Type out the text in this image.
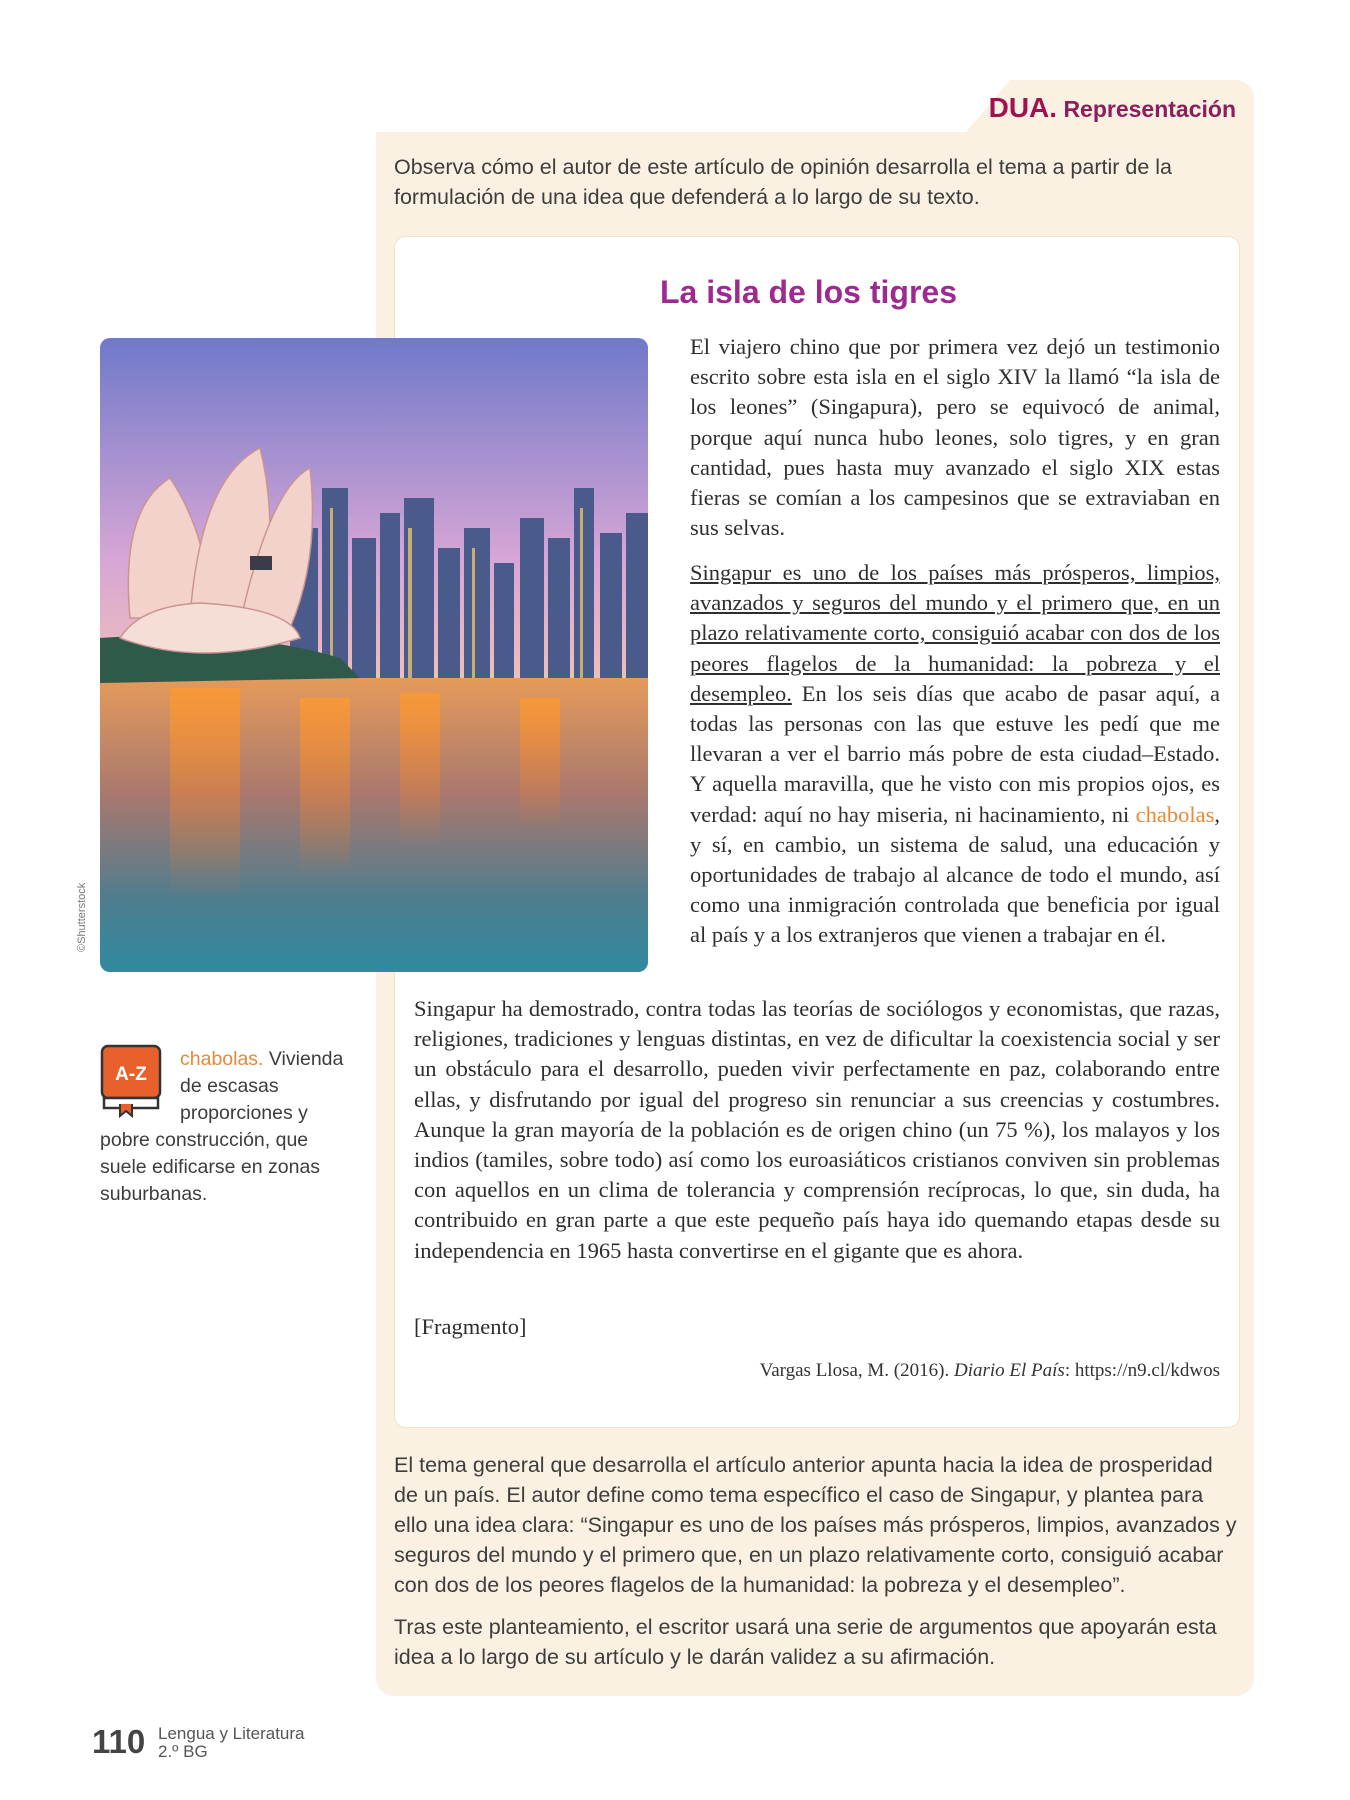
DUA. Representación
Observa cómo el autor de este artículo de opinión desarrolla el tema a partir de la formulación de una idea que defenderá a lo largo de su texto.
La isla de los tigres
©Shutterstock
El viajero chino que por primera vez dejó un testimonio escrito sobre esta isla en el siglo XIV la llamó “la isla de los leones” (Singapura), pero se equivocó de animal, porque aquí nunca hubo leones, solo tigres, y en gran cantidad, pues hasta muy avanzado el siglo XIX estas fieras se comían a los campesinos que se extraviaban en sus selvas.
Singapur es uno de los países más prósperos, limpios, avanzados y seguros del mundo y el primero que, en un plazo relativamente corto, consiguió acabar con dos de los peores flagelos de la humanidad: la pobreza y el desempleo. En los seis días que acabo de pasar aquí, a todas las personas con las que estuve les pedí que me llevaran a ver el barrio más pobre de esta ciudad–Estado. Y aquella maravilla, que he visto con mis propios ojos, es verdad: aquí no hay miseria, ni hacinamiento, ni chabolas, y sí, en cambio, un sistema de salud, una educación y oportunidades de trabajo al alcance de todo el mundo, así como una inmigración controlada que beneficia por igual al país y a los extranjeros que vienen a trabajar en él.
Singapur ha demostrado, contra todas las teorías de sociólogos y economistas, que razas, religiones, tradiciones y lenguas distintas, en vez de dificultar la coexistencia social y ser un obstáculo para el desarrollo, pueden vivir perfectamente en paz, colaborando entre ellas, y disfrutando por igual del progreso sin renunciar a sus creencias y costumbres. Aunque la gran mayoría de la población es de origen chino (un 75 %), los malayos y los indios (tamiles, sobre todo) así como los euroasiáticos cristianos conviven sin problemas con aquellos en un clima de tolerancia y comprensión recíprocas, lo que, sin duda, ha contribuido en gran parte a que este pequeño país haya ido quemando etapas desde su independencia en 1965 hasta convertirse en el gigante que es ahora.
[Fragmento]
Vargas Llosa, M. (2016). Diario El País: https://n9.cl/kdwos
A-Z
chabolas. Vivienda
de escasas
proporciones y
pobre construcción, que suele edificarse en zonas suburbanas.
El tema general que desarrolla el artículo anterior apunta hacia la idea de prosperidad de un país. El autor define como tema específico el caso de Singapur, y plantea para ello una idea clara: “Singapur es uno de los países más prósperos, limpios, avanzados y seguros del mundo y el primero que, en un plazo relativamente corto, consiguió acabar con dos de los peores flagelos de la humanidad: la pobreza y el desempleo”.
Tras este planteamiento, el escritor usará una serie de argumentos que apoyarán esta idea a lo largo de su artículo y le darán validez a su afirmación.
110 Lengua y Literatura
2.º BG
